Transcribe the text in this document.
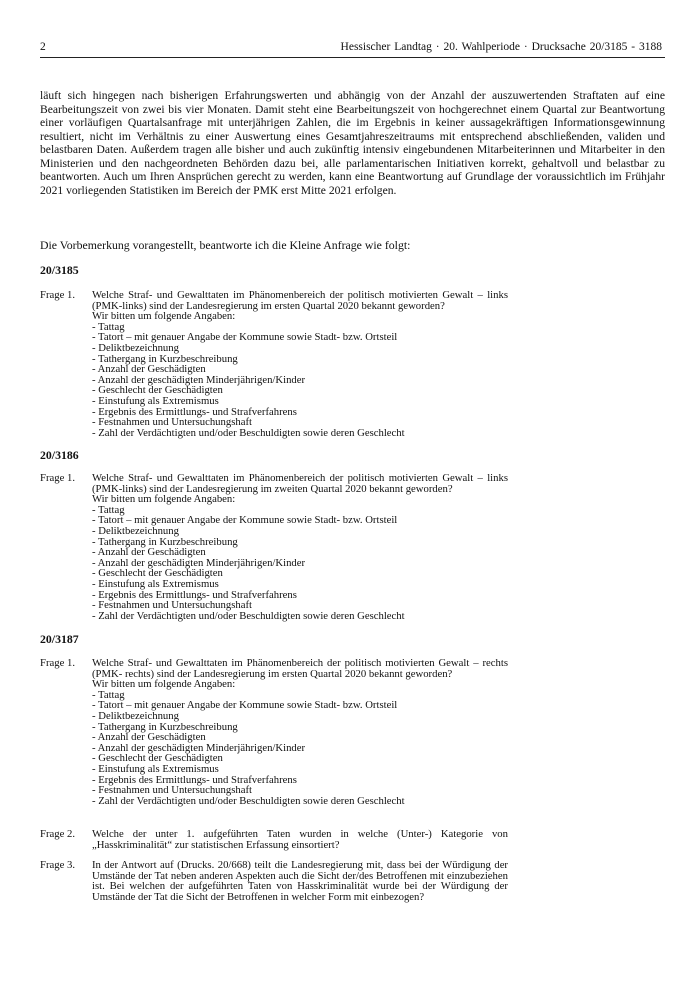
2	Hessischer Landtag · 20. Wahlperiode · Drucksache 20/3185 - 3188

läuft sich hingegen nach bisherigen Erfahrungswerten und abhängig von der Anzahl der auszuwertenden Straftaten auf eine Bearbeitungszeit von zwei bis vier Monaten. Damit steht eine Bearbeitungszeit von hochgerechnet einem Quartal zur Beantwortung einer vorläufigen Quartalsanfrage mit unterjährigen Zahlen, die im Ergebnis in keiner aussagekräftigen Informationsgewinnung resultiert, nicht im Verhältnis zu einer Auswertung eines Gesamtjahreszeitraums mit entsprechend abschließenden, validen und belastbaren Daten. Außerdem tragen alle bisher und auch zukünftig intensiv eingebundenen Mitarbeiterinnen und Mitarbeiter in den Ministerien und den nachgeordneten Behörden dazu bei, alle parlamentarischen Initiativen korrekt, gehaltvoll und belastbar zu beantworten. Auch um Ihren Ansprüchen gerecht zu werden, kann eine Beantwortung auf Grundlage der voraussichtlich im Frühjahr 2021 vorliegenden Statistiken im Bereich der PMK erst Mitte 2021 erfolgen.

Die Vorbemerkung vorangestellt, beantworte ich die Kleine Anfrage wie folgt:

20/3185

Frage 1. Welche Straf- und Gewalttaten im Phänomenbereich der politisch motivierten Gewalt – links (PMK-links) sind der Landesregierung im ersten Quartal 2020 bekannt geworden?

Wir bitten um folgende Angaben:

- Tattag
- Tatort – mit genauer Angabe der Kommune sowie Stadt- bzw. Ortsteil
- Deliktbezeichnung
- Tathergang in Kurzbeschreibung
- Anzahl der Geschädigten
- Anzahl der geschädigten Minderjährigen/Kinder
- Geschlecht der Geschädigten
- Einstufung als Extremismus
- Ergebnis des Ermittlungs- und Strafverfahrens
- Festnahmen und Untersuchungshaft
- Zahl der Verdächtigten und/oder Beschuldigten sowie deren Geschlecht

20/3186

Frage 1. Welche Straf- und Gewalttaten im Phänomenbereich der politisch motivierten Gewalt – links (PMK-links) sind der Landesregierung im zweiten Quartal 2020 bekannt geworden?

Wir bitten um folgende Angaben:

- Tattag
- Tatort – mit genauer Angabe der Kommune sowie Stadt- bzw. Ortsteil
- Deliktbezeichnung
- Tathergang in Kurzbeschreibung
- Anzahl der Geschädigten
- Anzahl der geschädigten Minderjährigen/Kinder
- Geschlecht der Geschädigten
- Einstufung als Extremismus
- Ergebnis des Ermittlungs- und Strafverfahrens
- Festnahmen und Untersuchungshaft
- Zahl der Verdächtigten und/oder Beschuldigten sowie deren Geschlecht

20/3187

Frage 1. Welche Straf- und Gewalttaten im Phänomenbereich der politisch motivierten Gewalt – rechts (PMK- rechts) sind der Landesregierung im ersten Quartal 2020 bekannt geworden?

Wir bitten um folgende Angaben:

- Tattag
- Tatort – mit genauer Angabe der Kommune sowie Stadt- bzw. Ortsteil
- Deliktbezeichnung
- Tathergang in Kurzbeschreibung
- Anzahl der Geschädigten
- Anzahl der geschädigten Minderjährigen/Kinder
- Geschlecht der Geschädigten
- Einstufung als Extremismus
- Ergebnis des Ermittlungs- und Strafverfahrens
- Festnahmen und Untersuchungshaft
- Zahl der Verdächtigten und/oder Beschuldigten sowie deren Geschlecht
Frage 2. Welche der unter 1. aufgeführten Taten wurden in welche (Unter-) Kategorie von „Hasskriminalität“ zur statistischen Erfassung einsortiert?

Frage 3. In der Antwort auf (Drucks. 20/668) teilt die Landesregierung mit, dass bei der Würdigung der Umstände der Tat neben anderen Aspekten auch die Sicht der/des Betroffenen mit einzubeziehen ist. Bei welchen der aufgeführten Taten von Hasskriminalität wurde bei der Würdigung der Umstände der Tat die Sicht der Betroffenen in welcher Form mit einbezogen?
